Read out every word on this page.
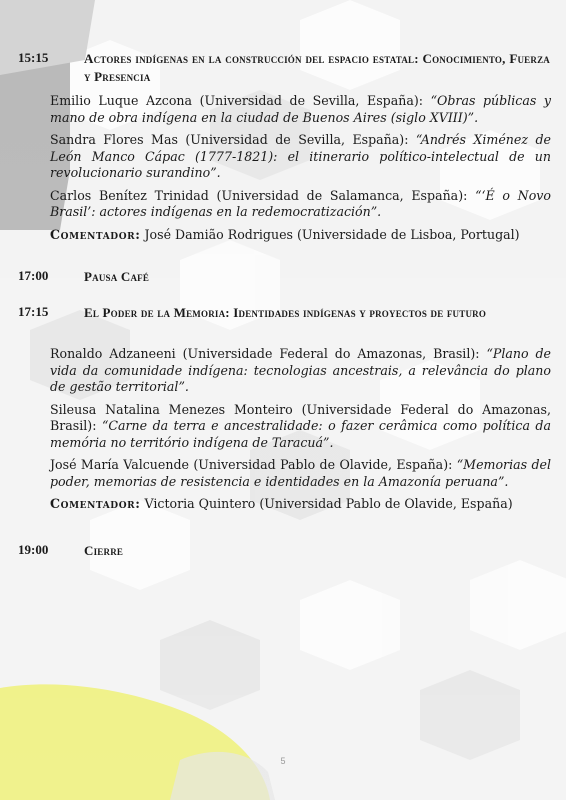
15:15	Actores indígenas en la construcción del espacio estatal: Conocimiento, Fuerza y Presencia

Emilio Luque Azcona (Universidad de Sevilla, España): “Obras públicas y mano de obra indígena en la ciudad de Buenos Aires (siglo XVIII)”.

Sandra Flores Mas (Universidad de Sevilla, España): “Andrés Ximénez de León Manco Cápac (1777-1821): el itinerario político-intelectual de un revolucionario surandino”.

Carlos Benítez Trinidad (Universidad de Salamanca, España): “‘É o Novo Brasil’: actores indígenas en la redemocratización”.

Comentador: José Damião Rodrigues (Universidade de Lisboa, Portugal)

17:00	Pausa Café
17:15	El Poder de la Memoria: Identidades indígenas y proyectos de futuro

Ronaldo Adzaneeni (Universidade Federal do Amazonas, Brasil): “Plano de vida da comunidade indígena: tecnologias ancestrais, a relevância do plano de gestão territorial”.

Sileusa Natalina Menezes Monteiro (Universidade Federal do Amazonas, Brasil): “Carne da terra e ancestralidade: o fazer cerâmica como política da memória no território indígena de Taracuá”.

José María Valcuende (Universidad Pablo de Olavide, España): “Memorias del poder, memorias de resistencia e identidades en la Amazonía peruana”.

Comentador: Victoria Quintero (Universidad Pablo de Olavide, España)

19:00	Cierre
5
